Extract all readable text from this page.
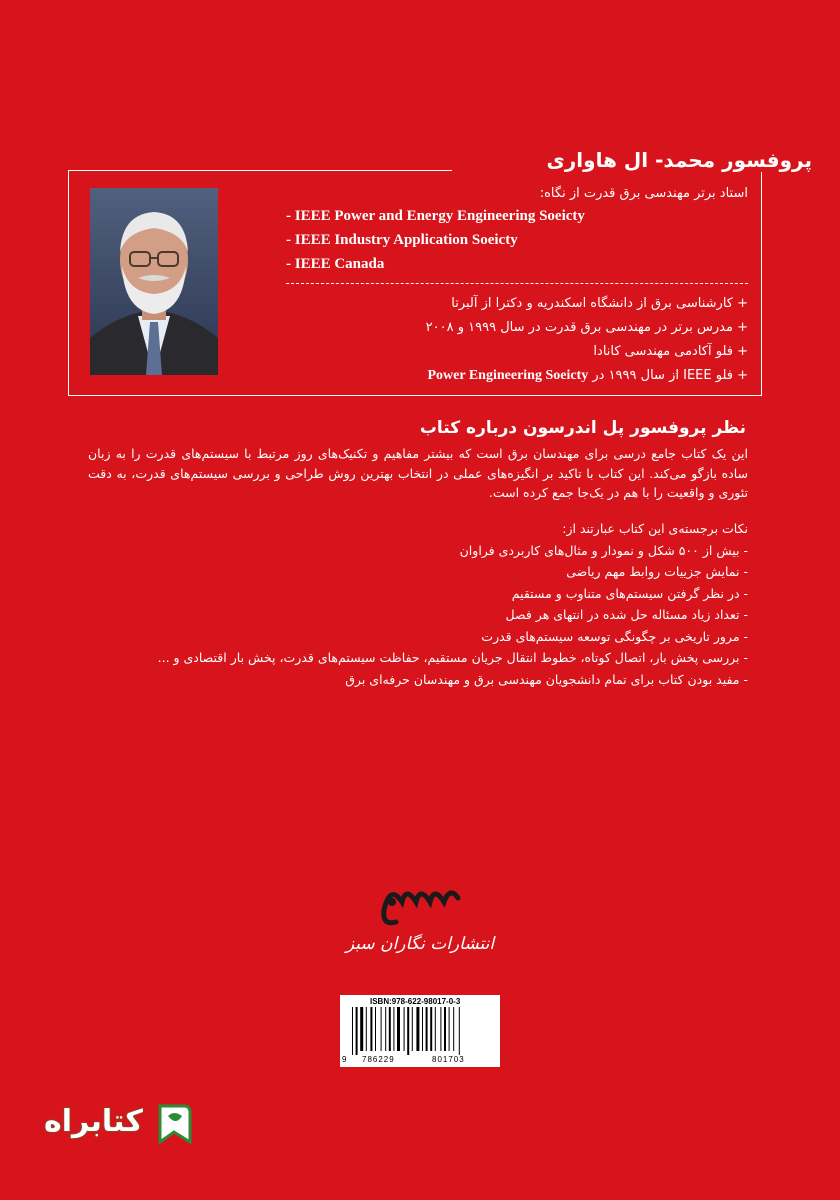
پروفسور محمد- ال هاواری
استاد برتر مهندسی برق قدرت از نگاه:
- IEEE Power and Energy Engineering Soeicty
- IEEE Industry Application Soeicty
- IEEE Canada
+ کارشناسی برق از دانشگاه اسکندریه و دکترا از آلبرتا
+ مدرس برتر در مهندسی برق قدرت در سال ۱۹۹۹ و ۲۰۰۸
+ فلو آکادمی مهندسی کانادا
+ فلو IEEE از سال ۱۹۹۹ در Power Engineering Soeicty
نظر پروفسور پل اندرسون درباره کتاب
این یک کتاب جامع درسی برای مهندسان برق است که بیشتر مفاهیم و تکنیک‌های روز مرتبط با سیستم‌های قدرت را به زبان ساده بازگو می‌کند. این کتاب با تاکید بر انگیزه‌های عملی در انتخاب بهترین روش طراحی و بررسی سیستم‌های قدرت، به دقت تئوری و واقعیت را با هم در یک‌جا جمع کرده است.
نکات برجسته‌ی این کتاب عبارتند از:
- بیش از ۵۰۰ شکل و نمودار و مثال‌های کاربردی فراوان
- نمایش جزییات روابط مهم ریاضی
- در نظر گرفتن سیستم‌های متناوب و مستقیم
- تعداد زیاد مسئاله حل شده در انتهای هر فصل
- مرور تاریخی بر چگونگی توسعه سیستم‌های قدرت
- بررسی پخش بار، اتصال کوتاه، خطوط انتقال جریان مستقیم، حفاظت سیستم‌های قدرت، پخش بار اقتصادی و ...
- مفید بودن کتاب برای تمام دانشجویان مهندسی برق و مهندسان حرفه‌ای برق
انتشارات نگاران سبز
ISBN:978-622-98017-0-3
9 786229	801703
کتابراه
